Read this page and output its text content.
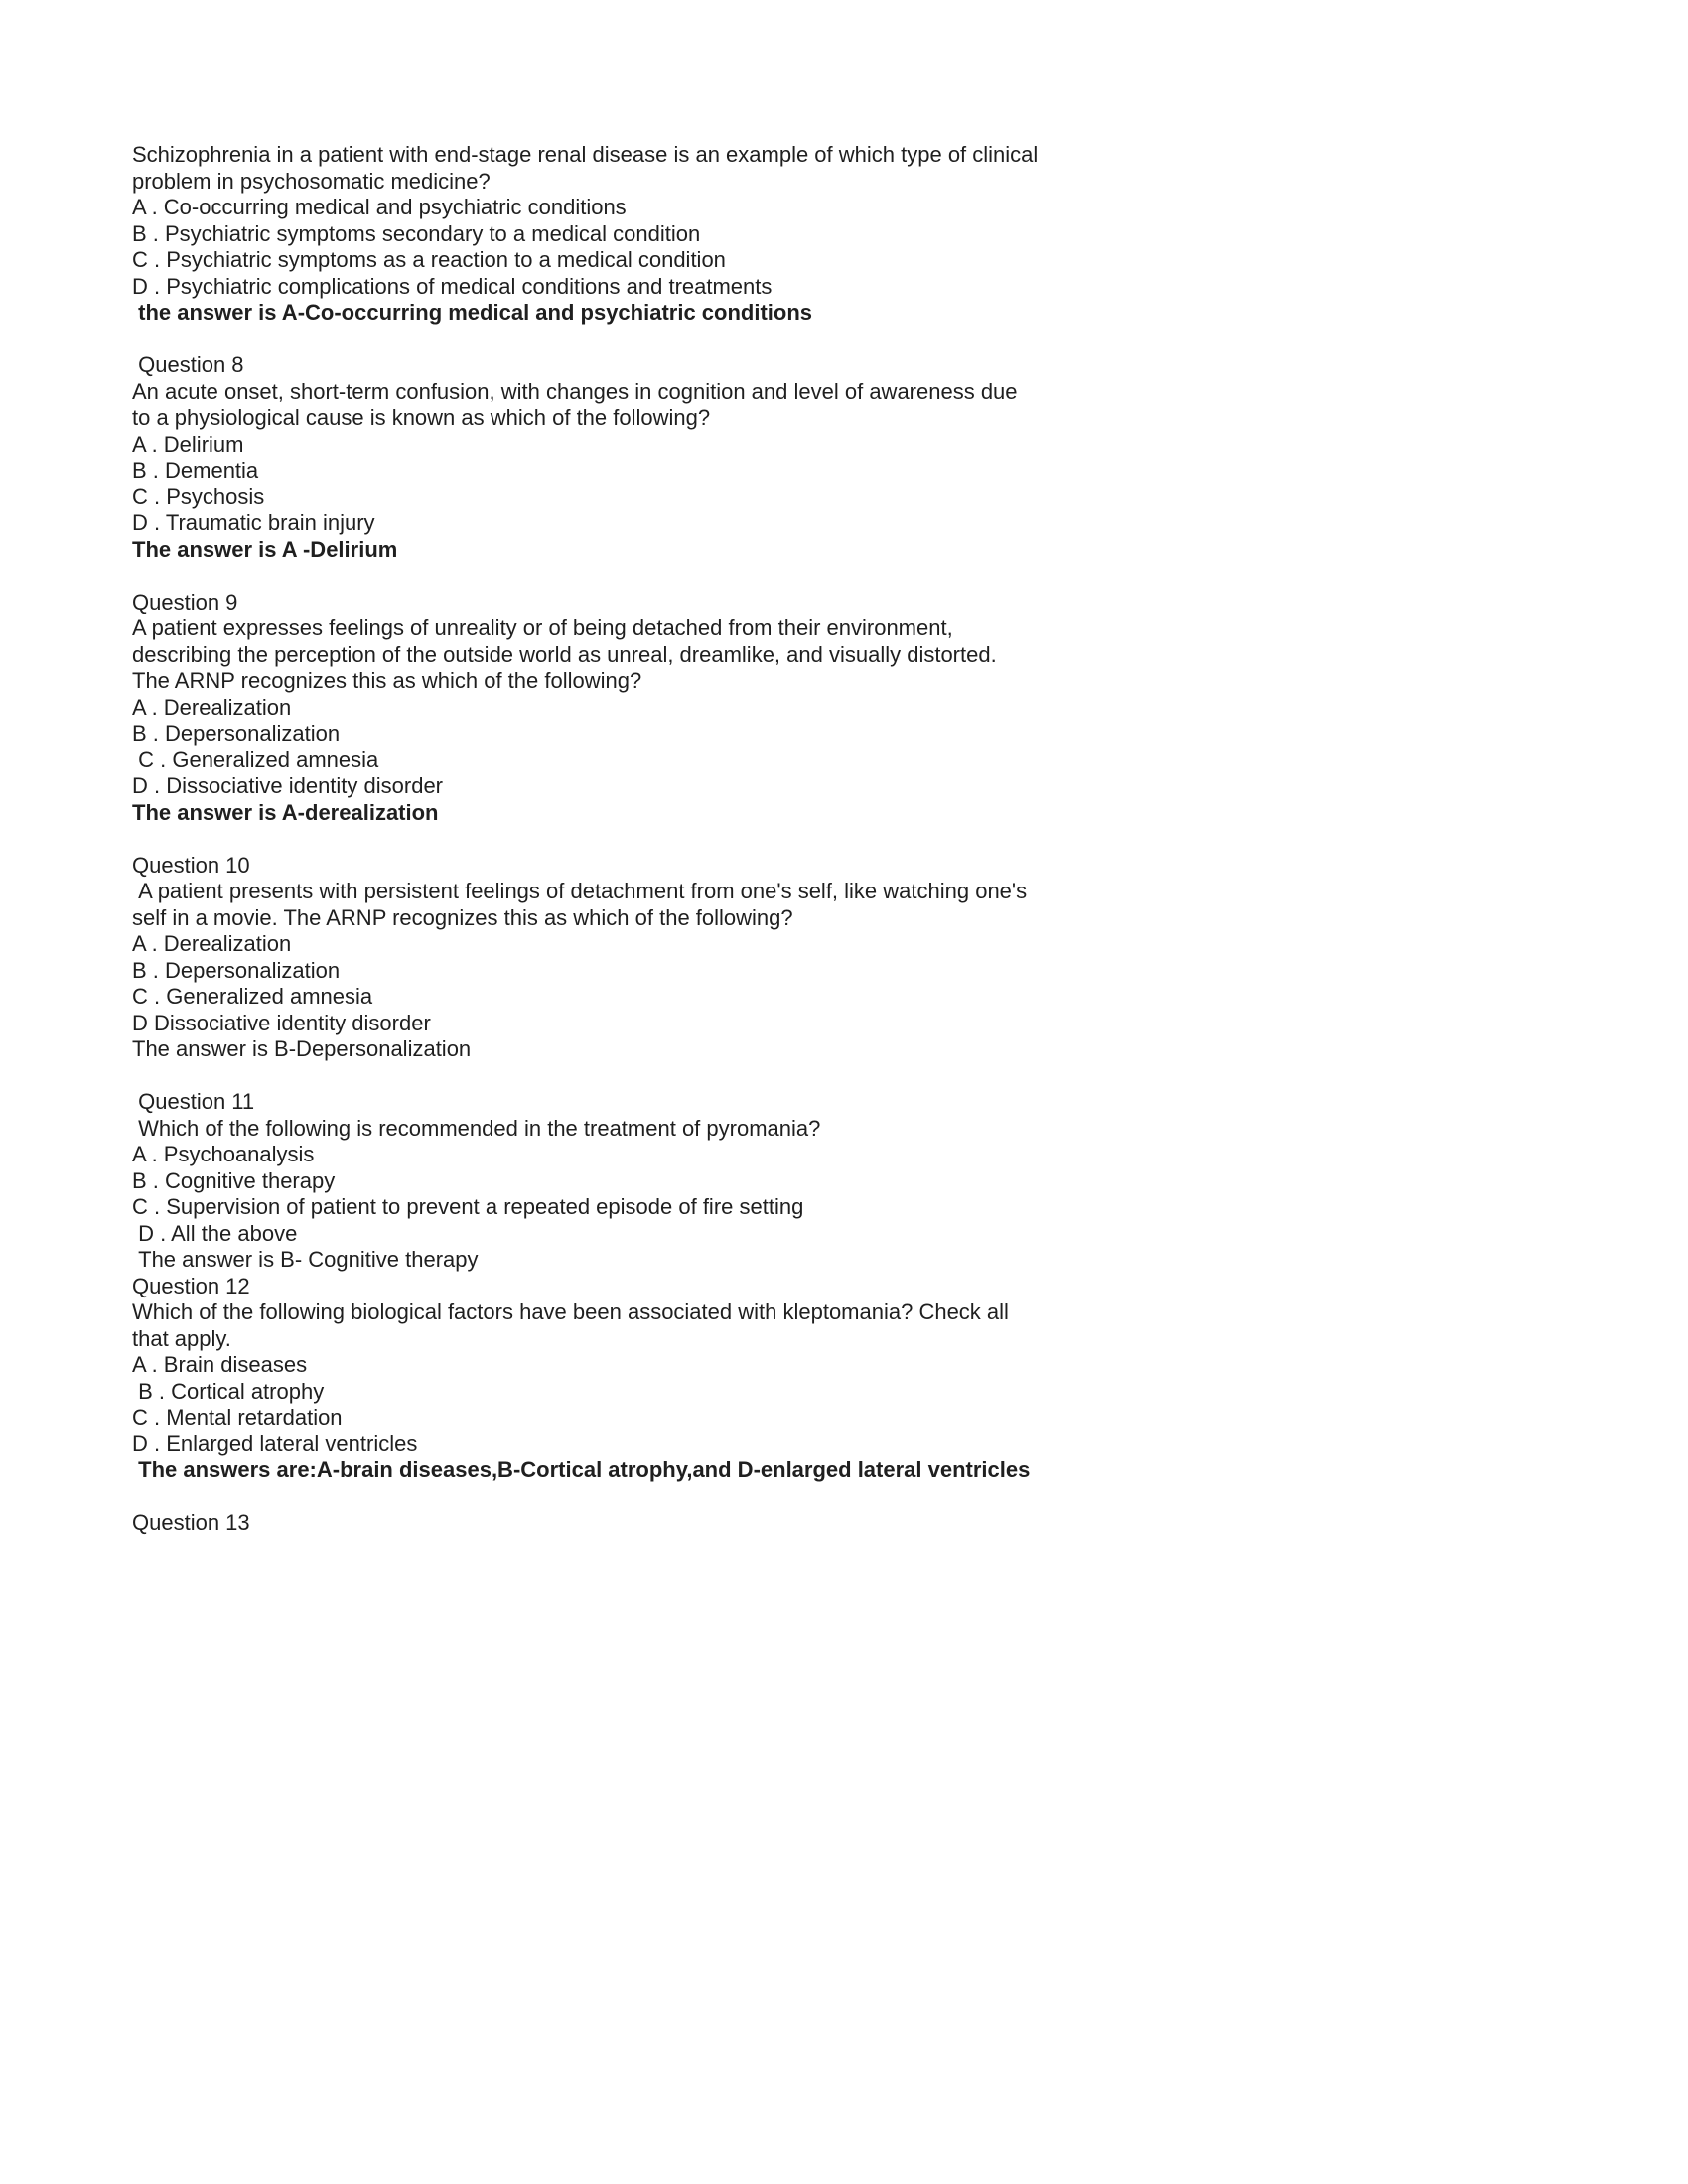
Schizophrenia in a patient with end-stage renal disease is an example of which type of clinical
problem in psychosomatic medicine?
A . Co-occurring medical and psychiatric conditions
B . Psychiatric symptoms secondary to a medical condition
C . Psychiatric symptoms as a reaction to a medical condition
D . Psychiatric complications of medical conditions and treatments
the answer is A-Co-occurring medical and psychiatric conditions
Question 8
An acute onset, short-term confusion, with changes in cognition and level of awareness due
to a physiological cause is known as which of the following?
A . Delirium
B . Dementia
C . Psychosis
D . Traumatic brain injury
The answer is A -Delirium
Question 9
A patient expresses feelings of unreality or of being detached from their environment,
describing the perception of the outside world as unreal, dreamlike, and visually distorted.
The ARNP recognizes this as which of the following?
A . Derealization
B . Depersonalization
C . Generalized amnesia
D . Dissociative identity disorder
The answer is A-derealization
Question 10
A patient presents with persistent feelings of detachment from one's self, like watching one's
self in a movie. The ARNP recognizes this as which of the following?
A . Derealization
B . Depersonalization
C . Generalized amnesia
D Dissociative identity disorder
The answer is B-Depersonalization
Question 11
Which of the following is recommended in the treatment of pyromania?
A . Psychoanalysis
B . Cognitive therapy
C . Supervision of patient to prevent a repeated episode of fire setting
D . All the above
The answer is B- Cognitive therapy
Question 12
Which of the following biological factors have been associated with kleptomania? Check all
that apply.
A . Brain diseases
B . Cortical atrophy
C . Mental retardation
D . Enlarged lateral ventricles
The answers are:A-brain diseases,B-Cortical atrophy,and D-enlarged lateral ventricles
Question 13
